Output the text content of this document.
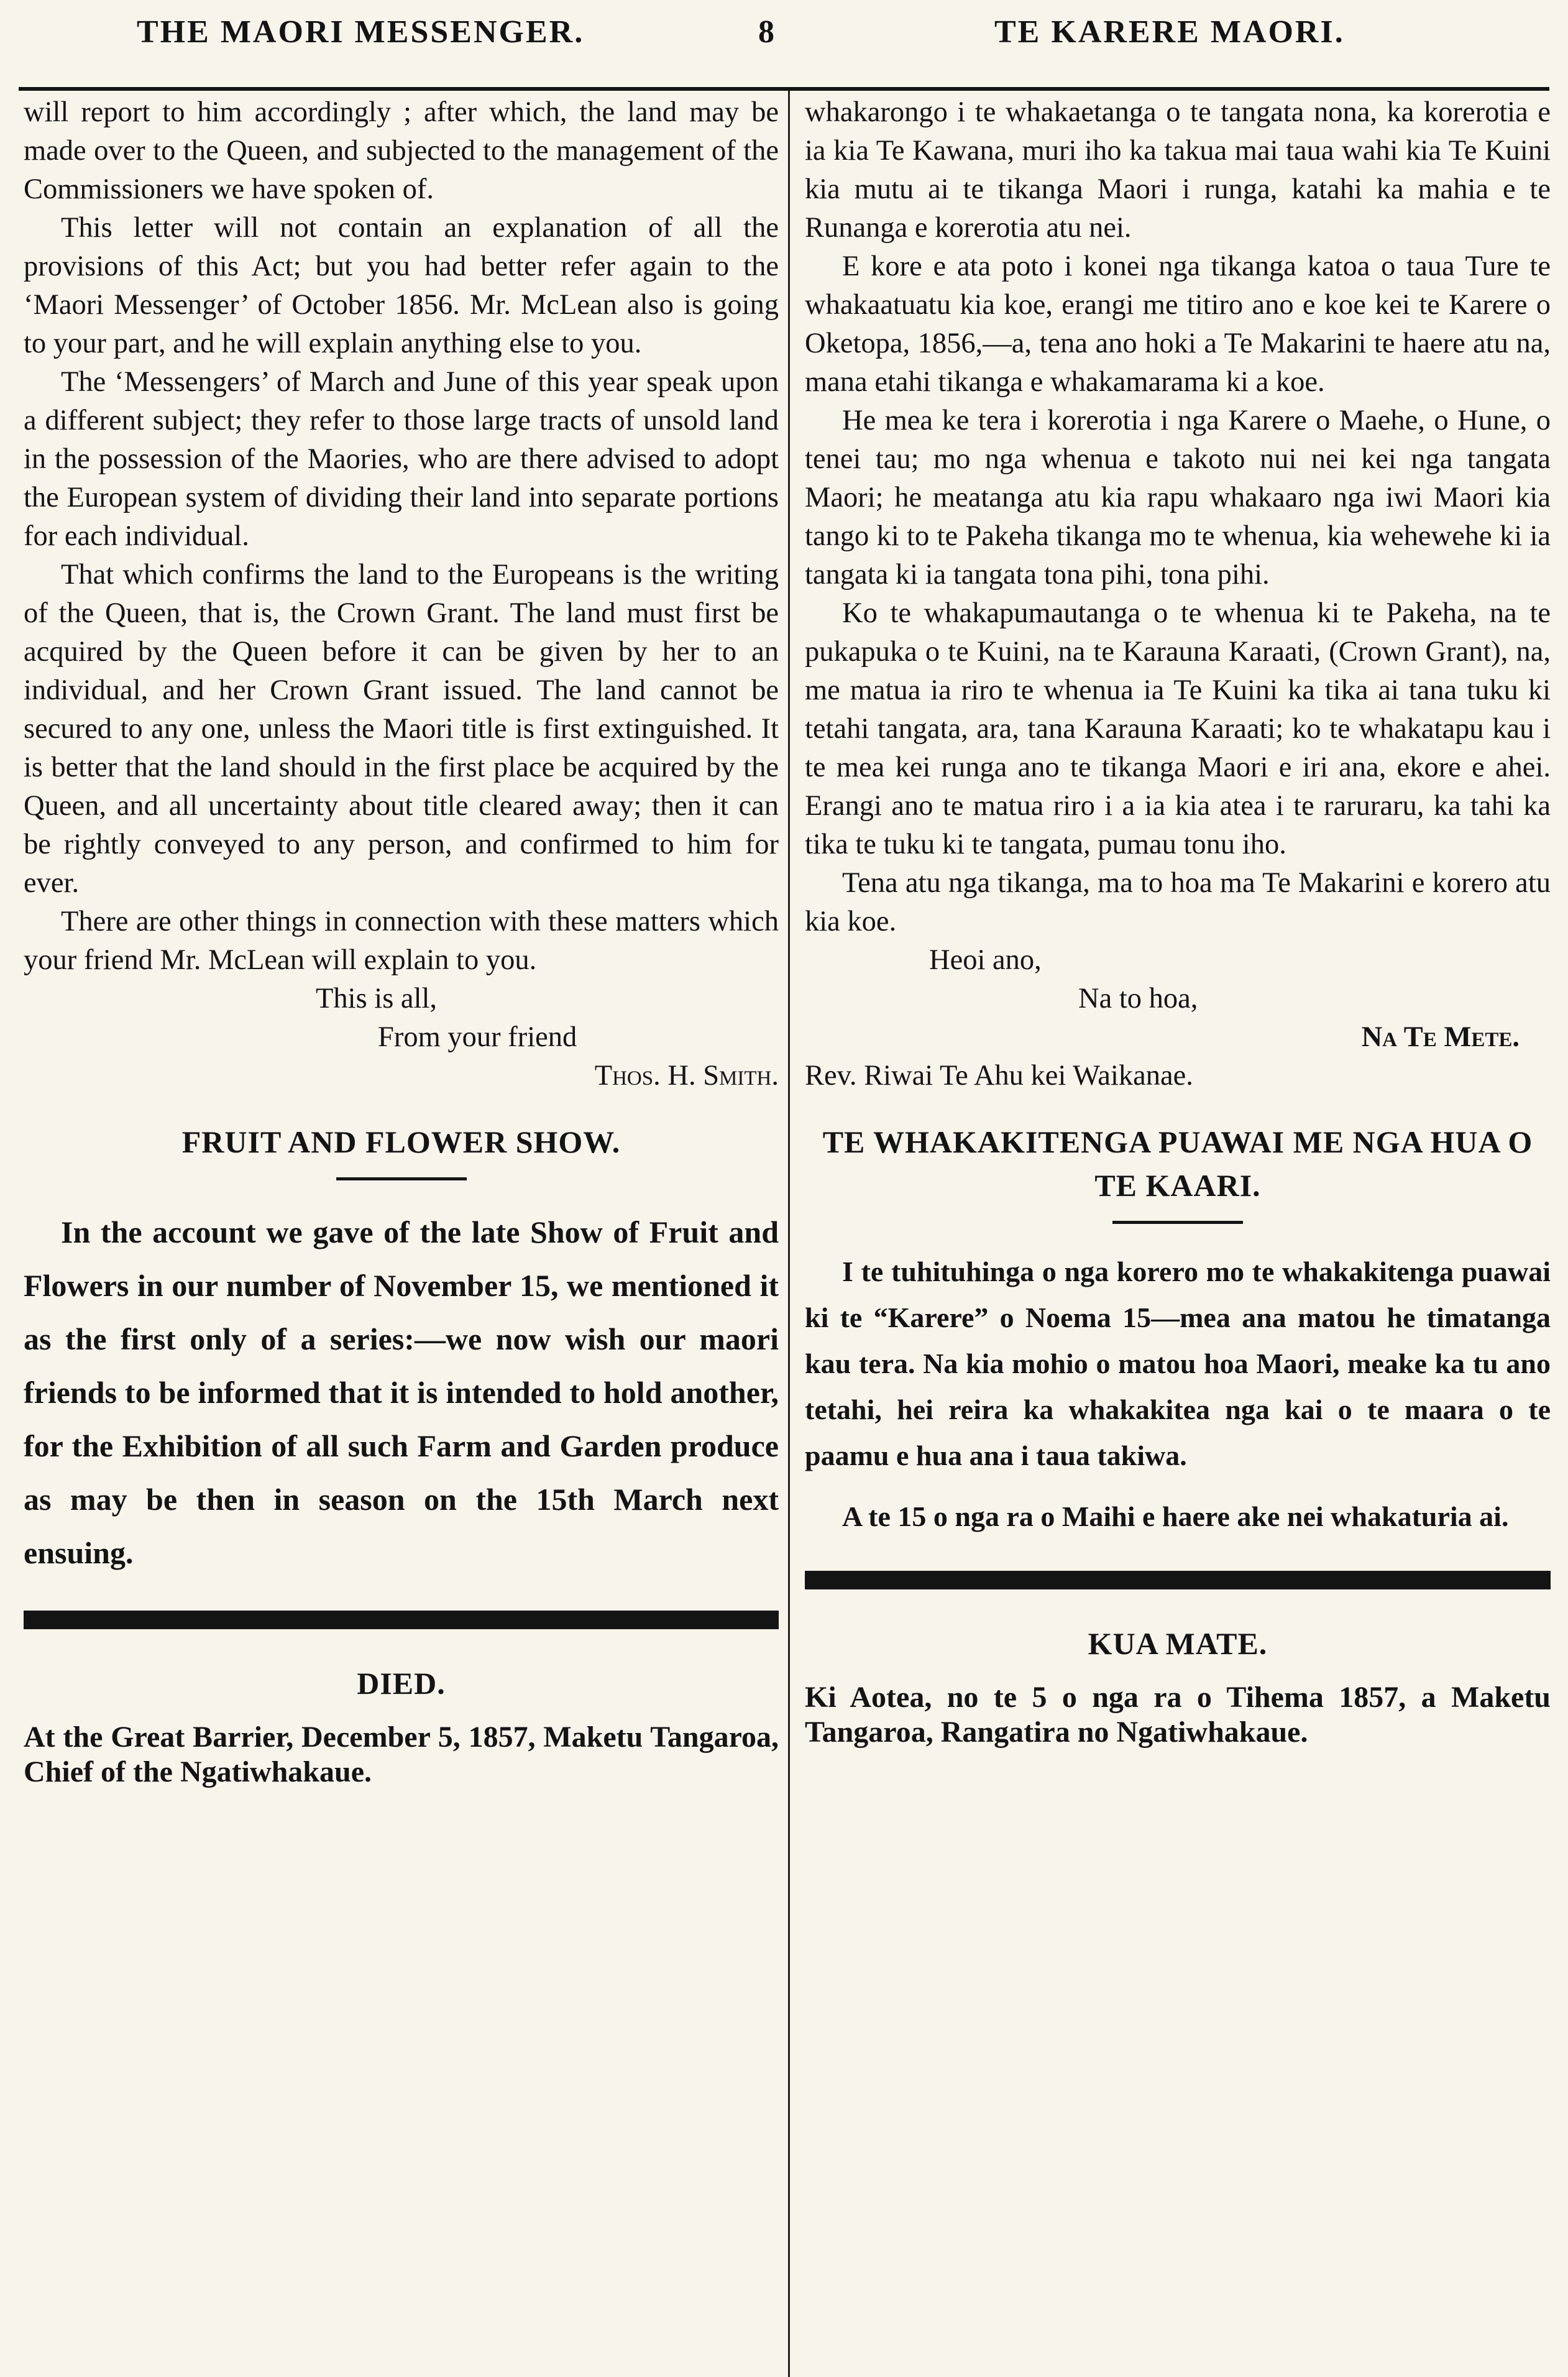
THE MAORI MESSENGER.	8	TE KARERE MAORI.

will report to him accordingly ; after which, the land may be made over to the Queen, and subjected to the management of the Commissioners we have spoken of.

This letter will not contain an explanation of all the provisions of this Act; but you had better refer again to the ‘Maori Messenger’ of October 1856. Mr. McLean also is going to your part, and he will explain anything else to you.

The ‘Messengers’ of March and June of this year speak upon a different subject; they refer to those large tracts of unsold land in the possession of the Maories, who are there advised to adopt the European system of dividing their land into separate portions for each individual.

That which confirms the land to the Europeans is the writing of the Queen, that is, the Crown Grant. The land must first be acquired by the Queen before it can be given by her to an individual, and her Crown Grant issued. The land cannot be secured to any one, unless the Maori title is first extinguished. It is better that the land should in the first place be acquired by the Queen, and all uncertainty about title cleared away; then it can be rightly conveyed to any person, and confirmed to him for ever.

There are other things in connection with these matters which your friend Mr. McLean will explain to you.

This is all,
From your friend
Thos. H. Smith.
FRUIT AND FLOWER SHOW.

In the account we gave of the late Show of Fruit and Flowers in our number of November 15, we mentioned it as the first only of a series:—we now wish our maori friends to be informed that it is intended to hold another, for the Exhibition of all such Farm and Garden produce as may be then in season on the 15th March next ensuing.

DIED.

At the Great Barrier, December 5, 1857, Maketu Tangaroa, Chief of the Ngatiwhakaue.

whakarongo i te whakaetanga o te tangata nona, ka korerotia e ia kia Te Kawana, muri iho ka takua mai taua wahi kia Te Kuini kia mutu ai te tikanga Maori i runga, katahi ka mahia e te Runanga e korerotia atu nei.

E kore e ata poto i konei nga tikanga katoa o taua Ture te whakaatuatu kia koe, erangi me titiro ano e koe kei te Karere o Oketopa, 1856,—a, tena ano hoki a Te Makarini te haere atu na, mana etahi tikanga e whakamarama ki a koe.

He mea ke tera i korerotia i nga Karere o Maehe, o Hune, o tenei tau; mo nga whenua e takoto nui nei kei nga tangata Maori; he meatanga atu kia rapu whakaaro nga iwi Maori kia tango ki to te Pakeha tikanga mo te whenua, kia wehewehe ki ia tangata ki ia tangata tona pihi, tona pihi.

Ko te whakapumautanga o te whenua ki te Pakeha, na te pukapuka o te Kuini, na te Karauna Karaati, (Crown Grant), na, me matua ia riro te whenua ia Te Kuini ka tika ai tana tuku ki tetahi tangata, ara, tana Karauna Karaati; ko te whakatapu kau i te mea kei runga ano te tikanga Maori e iri ana, ekore e ahei. Erangi ano te matua riro i a ia kia atea i te raruraru, ka tahi ka tika te tuku ki te tangata, pumau tonu iho.

Tena atu nga tikanga, ma to hoa ma Te Makarini e korero atu kia koe.

Heoi ano,
Na to hoa,
Na Te Mete.
Rev. Riwai Te Ahu kei Waikanae.
TE WHAKAKITENGA PUAWAI ME NGA HUA O TE KAARI.

I te tuhituhinga o nga korero mo te whakakitenga puawai ki te “Karere” o Noema 15—mea ana matou he timatanga kau tera. Na kia mohio o matou hoa Maori, meake ka tu ano tetahi, hei reira ka whakakitea nga kai o te maara o te paamu e hua ana i taua takiwa.

A te 15 o nga ra o Maihi e haere ake nei whakaturia ai.

KUA MATE.

Ki Aotea, no te 5 o nga ra o Tihema 1857, a Maketu Tangaroa, Rangatira no Ngatiwhakaue.
